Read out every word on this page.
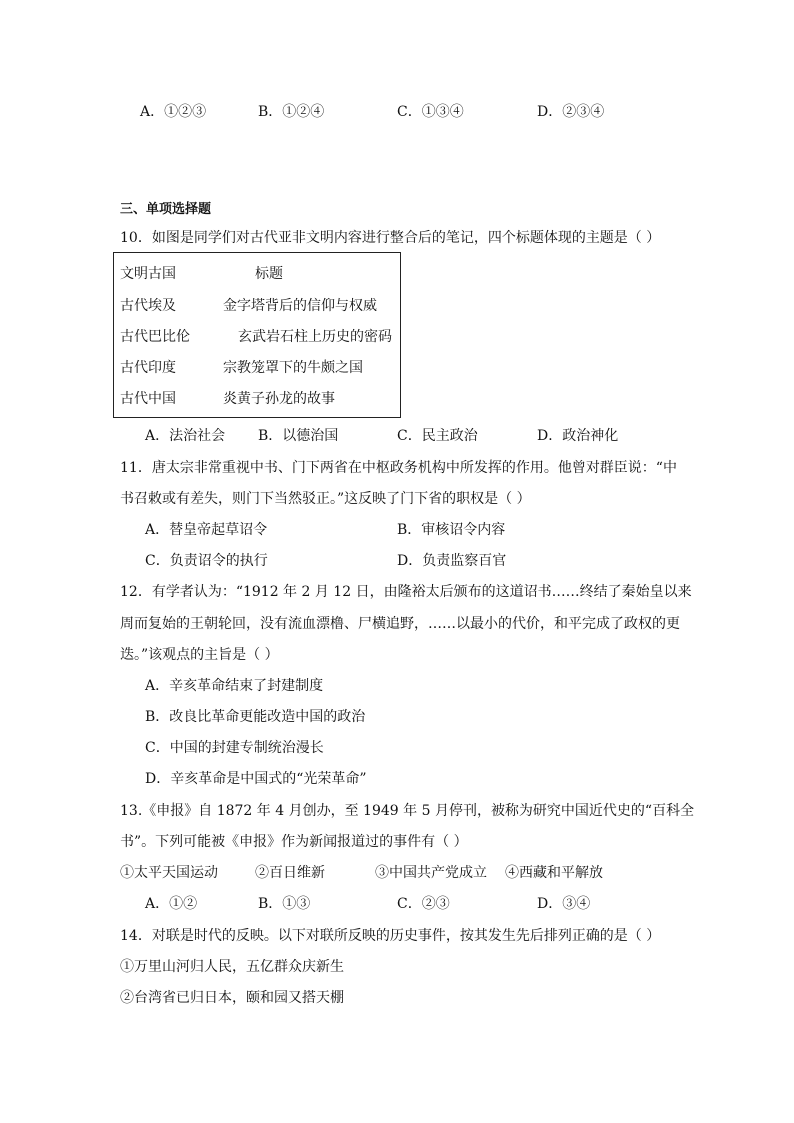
A．①②③	B．①②④	C．①③④	D．②③④
三、单项选择题
10．如图是同学们对古代亚非文明内容进行整合后的笔记，四个标题体现的主题是（ ）
文明古国	标题
古代埃及	金字塔背后的信仰与权威
古代巴比伦	玄武岩石柱上历史的密码
古代印度	宗教笼罩下的牛颇之国
古代中国	炎黄子孙龙的故事
A．法治社会 B．以德治国	C．民主政治	D．政治神化
11．唐太宗非常重视中书、门下两省在中枢政务机构中所发挥的作用。他曾对群臣说：“中
书召敕或有差失，则门下当然驳正。”这反映了门下省的职权是（ ）
A．替皇帝起草诏令	B．审核诏令内容
C．负责诏令的执行	D．负责监察百官
12．有学者认为：“1912 年 2 月 12 日，由隆裕太后颁布的这道诏书……终结了秦始皇以来
周而复始的王朝轮回，没有流血漂橹、尸横追野，……以最小的代价，和平完成了政权的更
迭。”该观点的主旨是（ ）
A．辛亥革命结束了封建制度
B．改良比革命更能改造中国的政治
C．中国的封建专制统治漫长
D．辛亥革命是中国式的“光荣革命”
13.《申报》自 1872 年 4 月创办，至 1949 年 5 月停刊，被称为研究中国近代史的“百科全
书”。下列可能被《申报》作为新闻报道过的事件有（ ）
①太平天国运动	②百日维新	③中国共产党成立 ④西藏和平解放
A．①②	B．①③	C．②③	D．③④
14．对联是时代的反映。以下对联所反映的历史事件，按其发生先后排列正确的是（ ）
①万里山河归人民，五亿群众庆新生
②台湾省已归日本，颐和园又搭天棚
